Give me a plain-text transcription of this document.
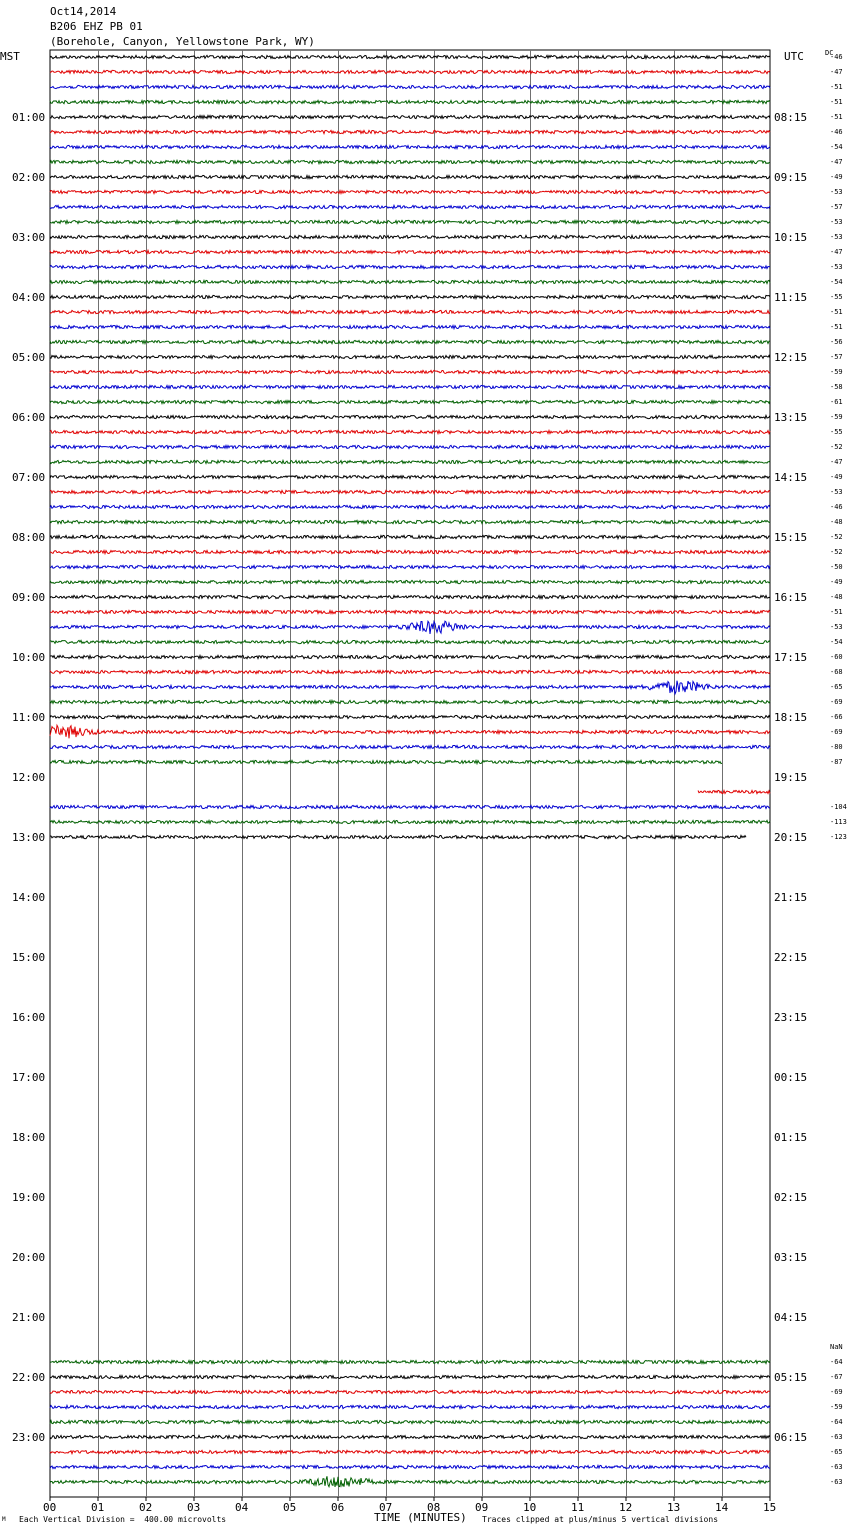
Oct14,2014
B206 EHZ PB 01
(Borehole, Canyon, Yellowstone Park, WY)
MST	UTC	DC
NaN
01:00
02:00
03:00
04:00
05:00
06:00
07:00
08:00
09:00
10:00
11:00
12:00
13:00
14:00
15:00
16:00
17:00
18:00
19:00
20:00
21:00
22:00
23:00
08:15
09:15
10:15
11:15
12:15
13:15
14:15
15:15
16:15
17:15
18:15
19:15
20:15
21:15
22:15
23:15
00:15
01:15
02:15
03:15
04:15
05:15
06:15
-46
-47
-51
-51
-51
-46
-54
-47
-49
-53
-57
-53
-53
-47
-53
-54
-55
-51
-51
-56
-57
-59
-58
-61
-59
-55
-52
-47
-49
-53
-46
-48
-52
-52
-50
-49
-48
-51
-53
-54
-60
-68
-65
-69
-66
-69
-80
-87
-104
-113
-123
-64
-67
-69
-59
-64
-63
-65
-63
-63
00	01	02	03	04	05	06	07	08	09	10	11	12	13	14	15
Each Vertical Division =  400.00 microvolts	TIME (MINUTES) Traces clipped at plus/minus 5 vertical divisions
M
